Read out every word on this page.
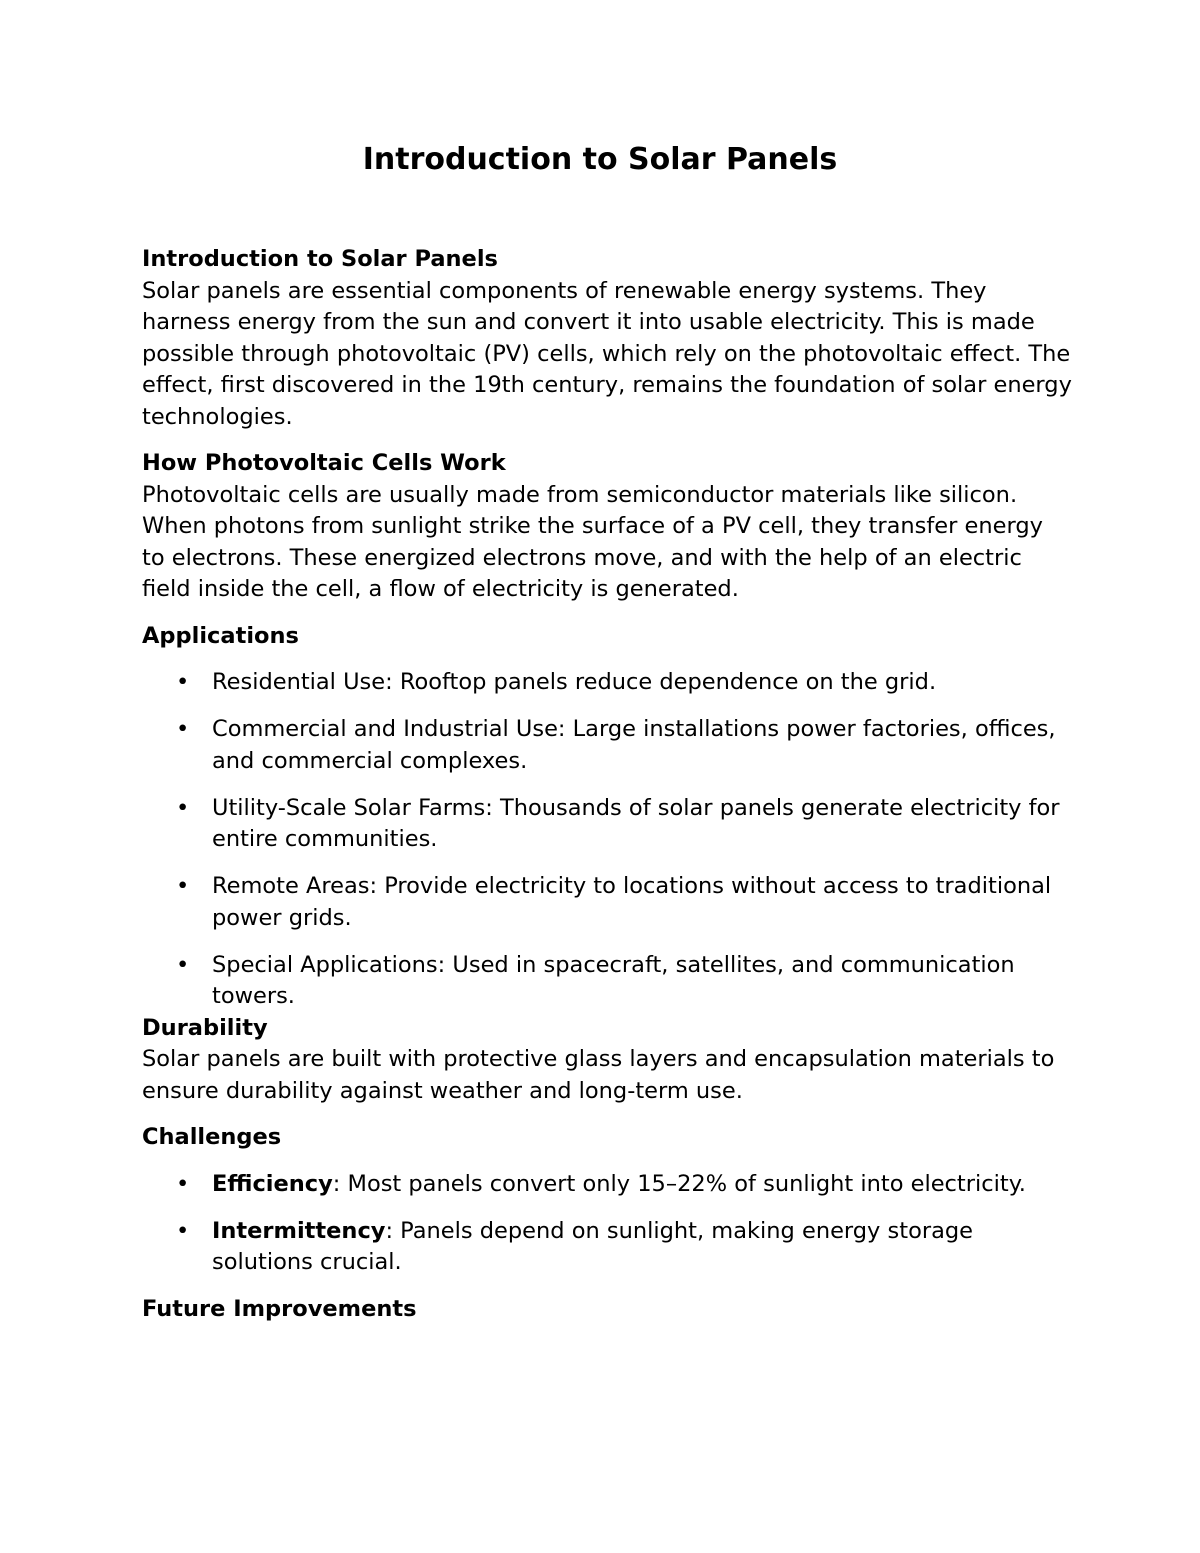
Introduction to Solar Panels
Introduction to Solar Panels

Solar panels are essential components of renewable energy systems. They harness energy from the sun and convert it into usable electricity. This is made possible through photovoltaic (PV) cells, which rely on the photovoltaic effect. The effect, first discovered in the 19th century, remains the foundation of solar energy technologies.

How Photovoltaic Cells Work

Photovoltaic cells are usually made from semiconductor materials like silicon. When photons from sunlight strike the surface of a PV cell, they transfer energy to electrons. These energized electrons move, and with the help of an electric field inside the cell, a flow of electricity is generated.

Applications
• Residential Use: Rooftop panels reduce dependence on the grid.
• Commercial and Industrial Use: Large installations power factories, offices, and commercial complexes.
• Utility-Scale Solar Farms: Thousands of solar panels generate electricity for entire communities.
• Remote Areas: Provide electricity to locations without access to traditional power grids.
• Special Applications: Used in spacecraft, satellites, and communication towers.
Durability

Solar panels are built with protective glass layers and encapsulation materials to ensure durability against weather and long-term use.

Challenges
• Efficiency: Most panels convert only 15–22% of sunlight into electricity.
• Intermittency: Panels depend on sunlight, making energy storage solutions crucial.
Future Improvements
